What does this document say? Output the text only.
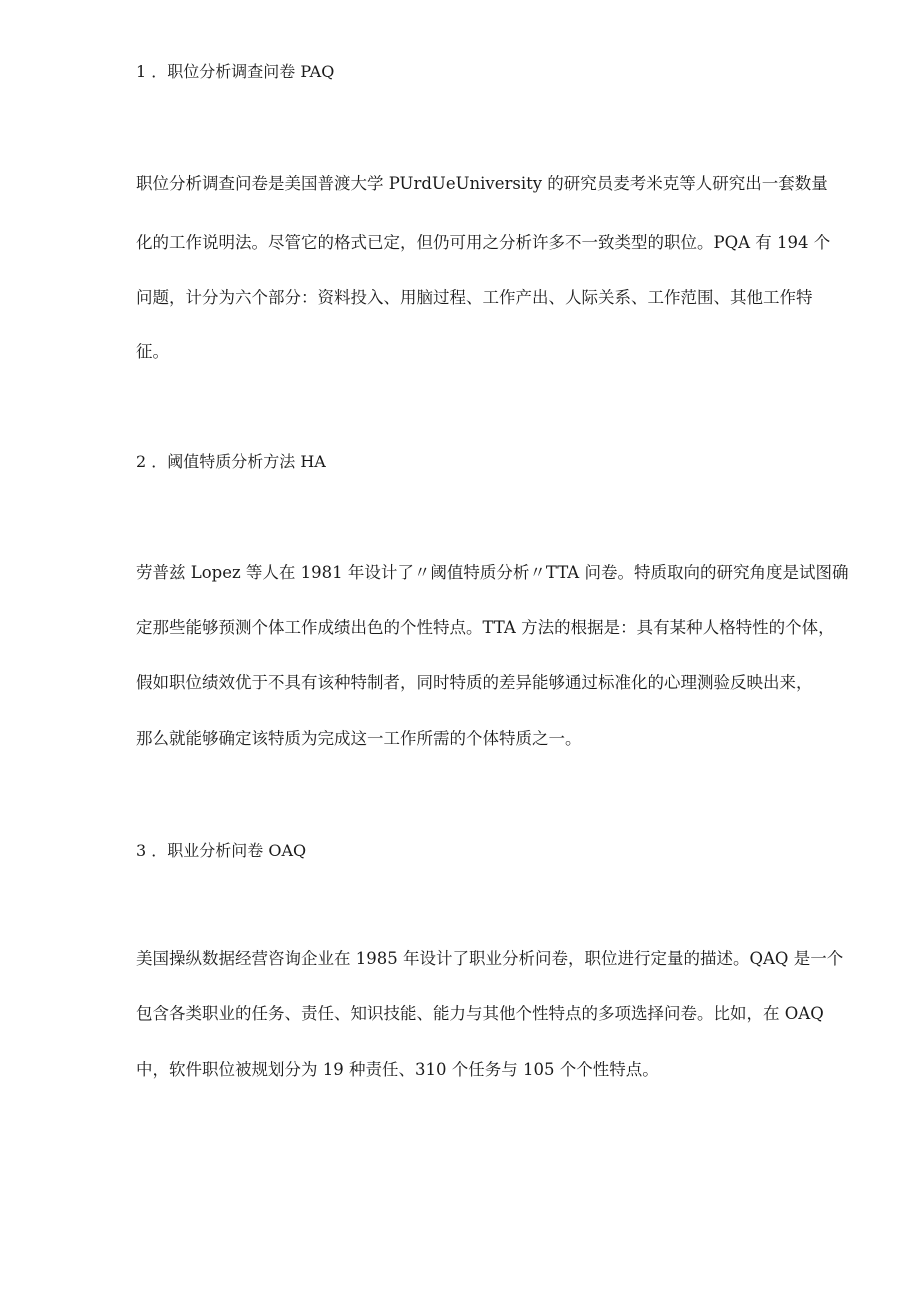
1 ．职位分析调查问卷 PAQ

职位分析调查问卷是美国普渡大学 PUrdUeUniversity 的研究员麦考米克等人研究出一套数量

化的工作说明法。尽管它的格式已定，但仍可用之分析许多不一致类型的职位。PQA 有 194 个

问题，计分为六个部分：资料投入、用脑过程、工作产出、人际关系、工作范围、其他工作特

征。

2 ．阈值特质分析方法 HA

劳普兹 Lopez 等人在 1981 年设计了〃阈值特质分析〃TTA 问卷。特质取向的研究角度是试图确

定那些能够预测个体工作成绩出色的个性特点。TTA 方法的根据是：具有某种人格特性的个体，

假如职位绩效优于不具有该种特制者，同时特质的差异能够通过标准化的心理测验反映出来，

那么就能够确定该特质为完成这一工作所需的个体特质之一。

3 ．职业分析问卷 OAQ

美国操纵数据经营咨询企业在 1985 年设计了职业分析问卷，职位进行定量的描述。QAQ 是一个

包含各类职业的任务、责任、知识技能、能力与其他个性特点的多项选择问卷。比如，在 OAQ

中，软件职位被规划分为 19 种责任、310 个任务与 105 个个性特点。
